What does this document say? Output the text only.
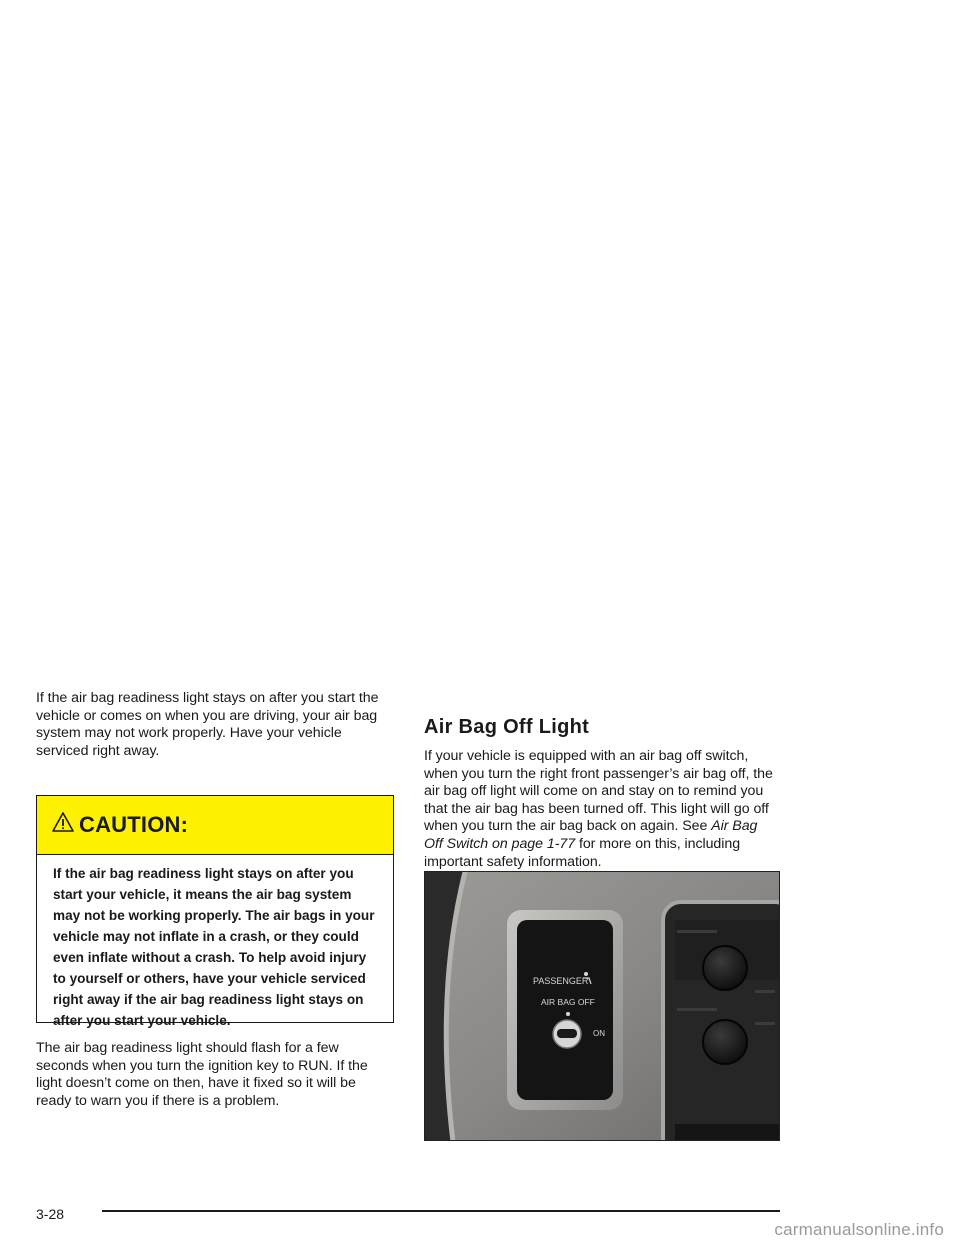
If the air bag readiness light stays on after you start the vehicle or comes on when you are driving, your air bag system may not work properly. Have your vehicle serviced right away.

CAUTION:
If the air bag readiness light stays on after you start your vehicle, it means the air bag system may not be working properly. The air bags in your vehicle may not inflate in a crash, or they could even inflate without a crash. To help avoid injury to yourself or others, have your vehicle serviced right away if the air bag readiness light stays on after you start your vehicle.

The air bag readiness light should flash for a few seconds when you turn the ignition key to RUN. If the light doesn’t come on then, have it fixed so it will be ready to warn you if there is a problem.

Air Bag Off Light

If your vehicle is equipped with an air bag off switch, when you turn the right front passenger’s air bag off, the air bag off light will come on and stay on to remind you that the air bag has been turned off. This light will go off when you turn the air bag back on again. See Air Bag Off Switch on page 1-77 for more on this, including important safety information.

PASSENGER
AIR BAG OFF
ON
3-28
carmanualsonline.info
